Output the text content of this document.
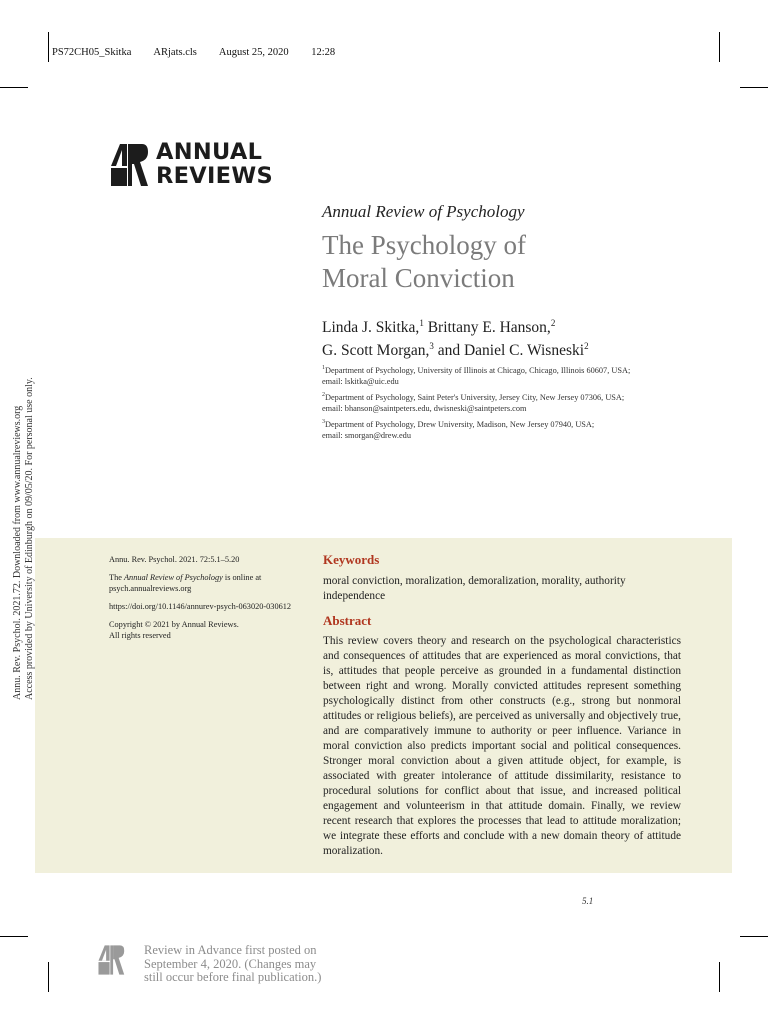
PS72CH05_Skitka ARjats.cls August 25, 2020 12:28
ANNUAL
REVIEWS
Annual Review of Psychology
The Psychology of
Moral Conviction
Linda J. Skitka,$^1$ Brittany E. Hanson,$^2$
G. Scott Morgan,$^3$ and Daniel C. Wisneski$^2$
$^1$Department of Psychology, University of Illinois at Chicago, Chicago, Illinois 60607, USA;
email: lskitka@uic.edu
$^2$Department of Psychology, Saint Peter's University, Jersey City, New Jersey 07306, USA;
email: bhanson@saintpeters.edu, dwisneski@saintpeters.com
$^3$Department of Psychology, Drew University, Madison, New Jersey 07940, USA;
email: smorgan@drew.edu
Annu. Rev. Psychol. 2021.72. Downloaded from www.annualreviews.org Access provided by University of Edinburgh on 09/05/20. For personal use only.	Annu. Rev. Psychol. 2021. 72:5.1–5.20

The Annual Review of Psychology is online at psych.annualreviews.org

https://doi.org/10.1146/annurev-psych-063020-030612

Copyright © 2021 by Annual Reviews.
All rights reserved

Keywords
moral conviction, moralization, demoralization, morality, authority independence
Abstract
This review covers theory and research on the psychological characteristics and consequences of attitudes that are experienced as moral convictions, that is, attitudes that people perceive as grounded in a fundamental distinction between right and wrong. Morally convicted attitudes represent something psychologically distinct from other constructs (e.g., strong but nonmoral attitudes or religious beliefs), are perceived as universally and objectively true, and are comparatively immune to authority or peer influence. Variance in moral conviction also predicts important social and political consequences. Stronger moral conviction about a given attitude object, for example, is associated with greater intolerance of attitude dissimilarity, resistance to procedural solutions for conflict about that issue, and increased political engagement and volunteerism in that attitude domain. Finally, we review recent research that explores the processes that lead to attitude moralization; we integrate these efforts and conclude with a new domain theory of attitude moralization.
5.1
Review in Advance first posted on
September 4, 2020. (Changes may
still occur before final publication.)
